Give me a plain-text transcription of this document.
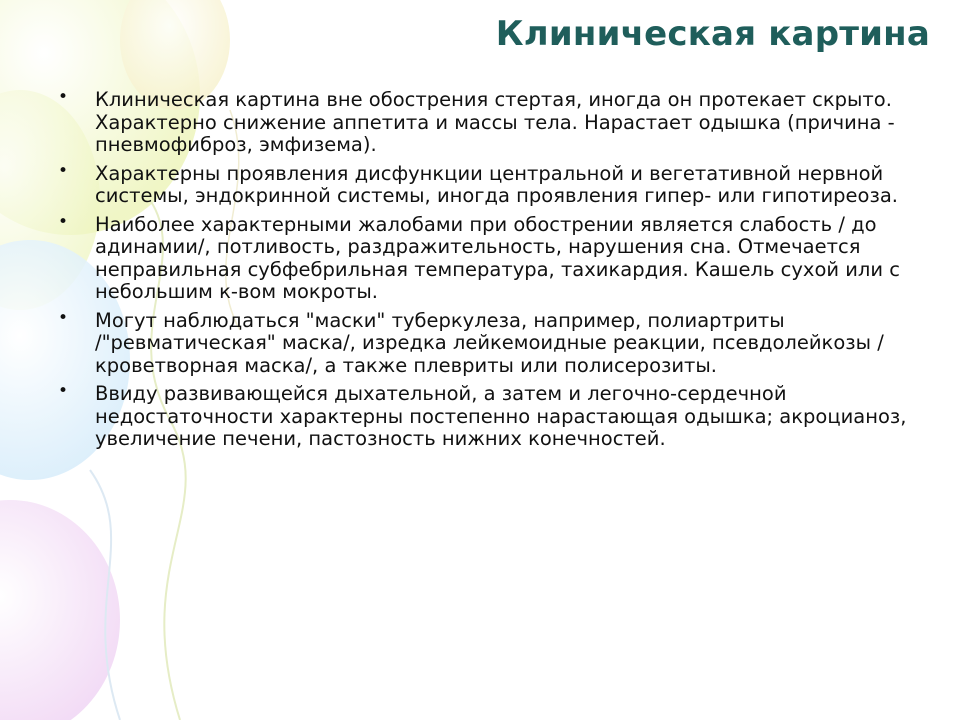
Клиническая картина
• Клиническая картина вне обострения стертая, иногда он протекает скрыто. Характерно снижение аппетита и массы тела. Нарастает одышка (причина - пневмофиброз, эмфизема).
• Характерны проявления дисфункции центральной и вегетативной нервной системы, эндокринной системы, иногда проявления гипер- или гипотиреоза.
• Наиболее характерными жалобами при обострении является слабость / до адинамии/, потливость, раздражительность, нарушения сна. Отмечается неправильная субфебрильная температура, тахикардия. Кашель сухой или с небольшим к-вом мокроты.
• Могут наблюдаться "маски" туберкулеза, например, полиартриты /"ревматическая" маска/, изредка лейкемоидные реакции, псевдолейкозы /кроветворная маска/, а также плевриты или полисерозиты.
• Ввиду развивающейся дыхательной, а затем и легочно-сердечной недостаточности характерны постепенно нарастающая одышка; акроцианоз, увеличение печени, пастозность нижних конечностей.
